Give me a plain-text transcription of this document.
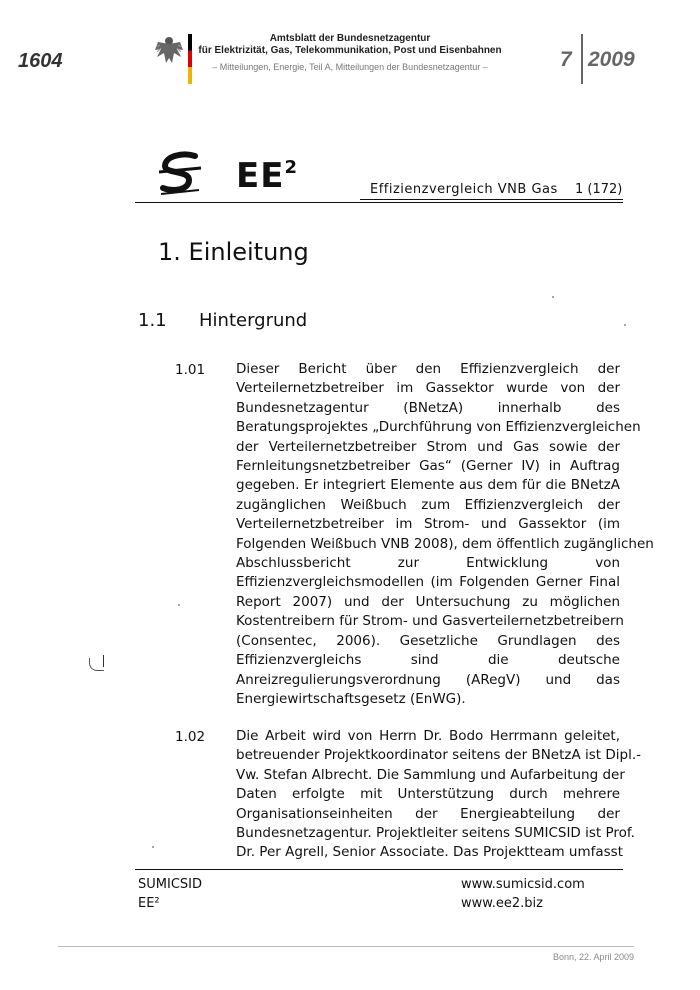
1604
Amtsblatt der Bundesnetzagentur
für Elektrizität, Gas, Telekommunikation, Post und Eisenbahnen
– Mitteilungen, Energie, Teil A, Mitteilungen der Bundesnetzagentur –	7 2009
$EE^2$
Effizienzvergleich VNB Gas 1 (172)
1. Einleitung
1.1 Hintergrund
1.01 Dieser Bericht über den Effizienzvergleich der
Verteilernetzbetreiber im Gassektor wurde von der
Bundesnetzagentur (BNetzA) innerhalb des
Beratungsprojektes „Durchführung von Effizienzvergleichen
der Verteilernetzbetreiber Strom und Gas sowie der
Fernleitungsnetzbetreiber Gas“ (Gerner IV) in Auftrag
gegeben. Er integriert Elemente aus dem für die BNetzA
zugänglichen Weißbuch zum Effizienzvergleich der
Verteilernetzbetreiber im Strom- und Gassektor (im
Folgenden Weißbuch VNB 2008), dem öffentlich zugänglichen
Abschlussbericht zur Entwicklung von
Effizienzvergleichsmodellen (im Folgenden Gerner Final
Report 2007) und der Untersuchung zu möglichen
Kostentreibern für Strom- und Gasverteilernetzbetreibern
(Consentec, 2006). Gesetzliche Grundlagen des
Effizienzvergleichs sind die deutsche
Anreizregulierungsverordnung (ARegV) und das
Energiewirtschaftsgesetz (EnWG).
1.02 Die Arbeit wird von Herrn Dr. Bodo Herrmann geleitet,
betreuender Projektkoordinator seitens der BNetzA ist Dipl.-
Vw. Stefan Albrecht. Die Sammlung und Aufarbeitung der
Daten erfolgte mit Unterstützung durch mehrere
Organisationseinheiten der Energieabteilung der
Bundesnetzagentur. Projektleiter seitens SUMICSID ist Prof.
Dr. Per Agrell, Senior Associate. Das Projektteam umfasst
SUMICSID
EE²
www.sumicsid.com
www.ee2.biz
Bonn, 22. April 2009
